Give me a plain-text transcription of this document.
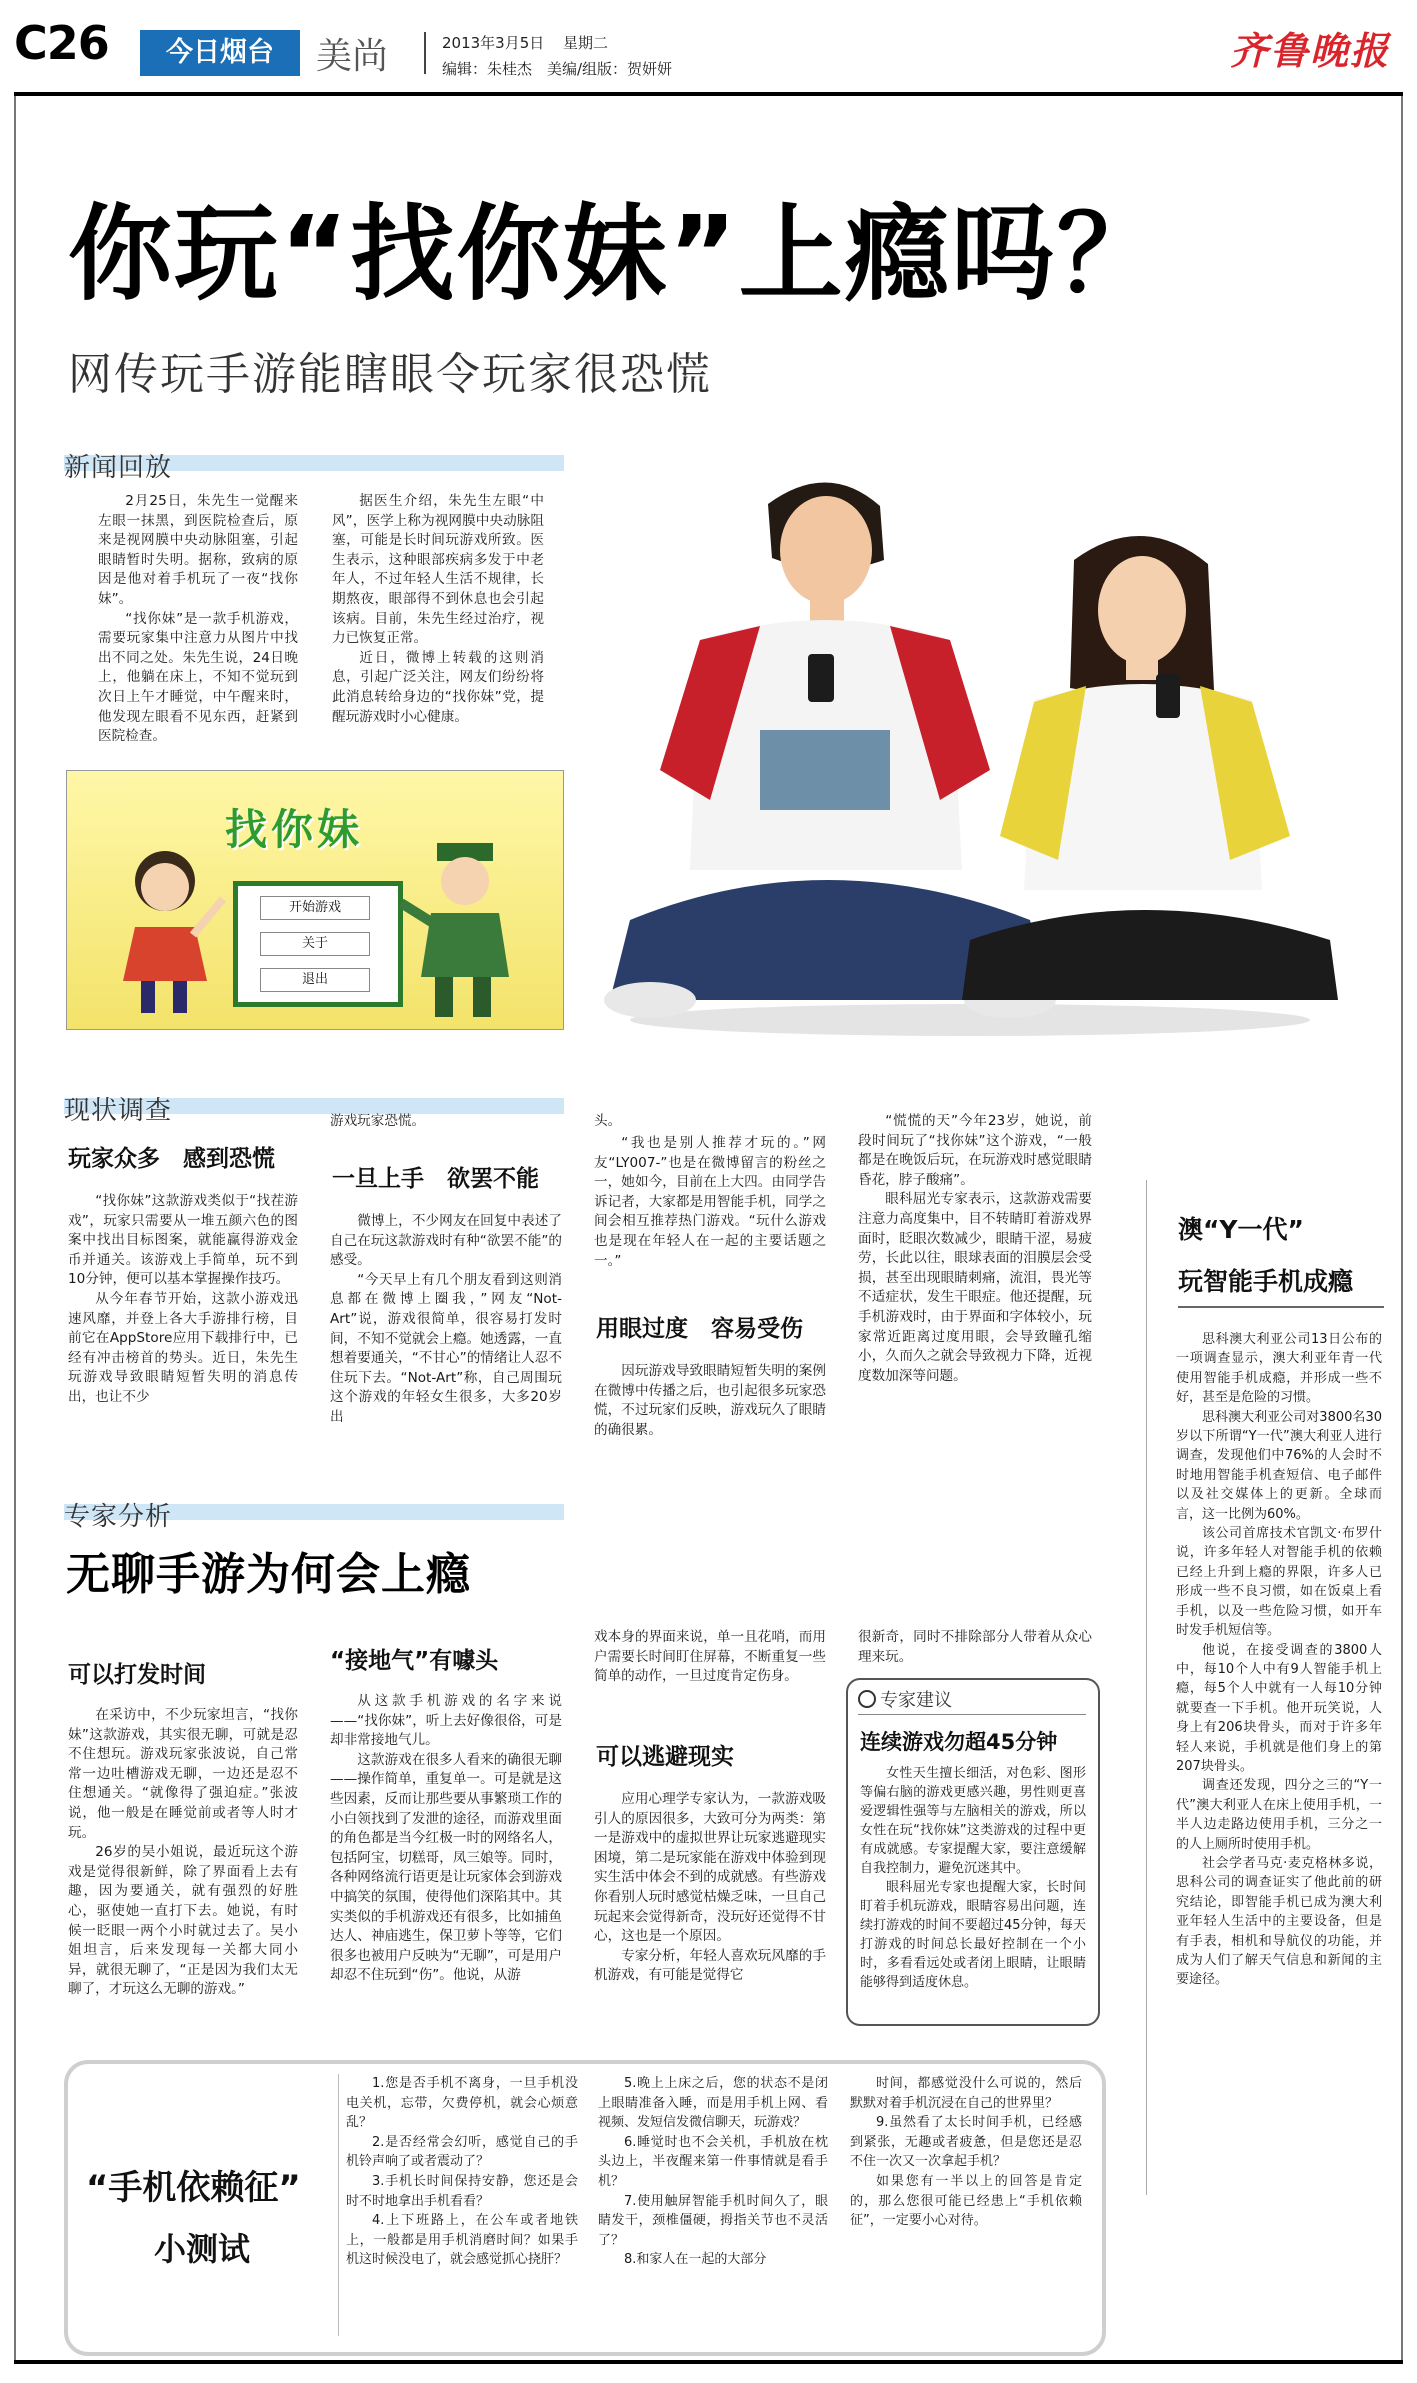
C26	今日烟台	美尚	2013年3月5日 星期二
编辑：朱桂杰　美编/组版：贺妍妍	齐鲁晚报
你玩“找你妹”上瘾吗？
网传玩手游能瞎眼令玩家很恐慌
新闻回放

2月25日，朱先生一觉醒来左眼一抹黑，到医院检查后，原来是视网膜中央动脉阻塞，引起眼睛暂时失明。据称，致病的原因是他对着手机玩了一夜“找你妹”。

“找你妹”是一款手机游戏，需要玩家集中注意力从图片中找出不同之处。朱先生说，24日晚上，他躺在床上，不知不觉玩到次日上午才睡觉，中午醒来时，他发现左眼看不见东西，赶紧到医院检查。

据医生介绍，朱先生左眼“中风”，医学上称为视网膜中央动脉阻塞，可能是长时间玩游戏所致。医生表示，这种眼部疾病多发于中老年人，不过年轻人生活不规律，长期熬夜，眼部得不到休息也会引起该病。目前，朱先生经过治疗，视力已恢复正常。

近日，微博上转载的这则消息，引起广泛关注，网友们纷纷将此消息转给身边的“找你妹”党，提醒玩游戏时小心健康。

找你妹
开始游戏
关于
退出
现状调查
玩家众多　感到恐慌

“找你妹”这款游戏类似于“找茬游戏”，玩家只需要从一堆五颜六色的图案中找出目标图案，就能赢得游戏金币并通关。该游戏上手简单，玩不到10分钟，便可以基本掌握操作技巧。

从今年春节开始，这款小游戏迅速风靡，并登上各大手游排行榜，目前它在AppStore应用下载排行中，已经有冲击榜首的势头。近日，朱先生玩游戏导致眼睛短暂失明的消息传出，也让不少

游戏玩家恐慌。

一旦上手　欲罢不能

微博上，不少网友在回复中表述了自己在玩这款游戏时有种“欲罢不能”的感受。

“今天早上有几个朋友看到这则消息都在微博上圈我，”网友“Not-Art”说，游戏很简单，很容易打发时间，不知不觉就会上瘾。她透露，一直想着要通关，“不甘心”的情绪让人忍不住玩下去。“Not-Art”称，自己周围玩这个游戏的年轻女生很多，大多20岁出

头。

“我也是别人推荐才玩的。”网友“LY007-”也是在微博留言的粉丝之一，她如今，目前在上大四。由同学告诉记者，大家都是用智能手机，同学之间会相互推荐热门游戏。“玩什么游戏也是现在年轻人在一起的主要话题之一。”

用眼过度　容易受伤

因玩游戏导致眼睛短暂失明的案例在微博中传播之后，也引起很多玩家恐慌，不过玩家们反映，游戏玩久了眼睛的确很累。

“慌慌的天”今年23岁，她说，前段时间玩了“找你妹”这个游戏，“一般都是在晚饭后玩，在玩游戏时感觉眼睛昏花，脖子酸痛”。

眼科屈光专家表示，这款游戏需要注意力高度集中，目不转睛盯着游戏界面时，眨眼次数减少，眼睛干涩，易疲劳，长此以往，眼球表面的泪膜层会受损，甚至出现眼睛刺痛，流泪，畏光等不适症状，发生干眼症。他还提醒，玩手机游戏时，由于界面和字体较小，玩家常近距离过度用眼，会导致瞳孔缩小，久而久之就会导致视力下降，近视度数加深等问题。

澳“Y一代”
玩智能手机成瘾

思科澳大利亚公司13日公布的一项调查显示，澳大利亚年青一代使用智能手机成瘾，并形成一些不好，甚至是危险的习惯。

思科澳大利亚公司对3800名30岁以下所谓“Y一代”澳大利亚人进行调查，发现他们中76%的人会时不时地用智能手机查短信、电子邮件以及社交媒体上的更新。全球而言，这一比例为60%。

该公司首席技术官凯文·布罗什说，许多年轻人对智能手机的依赖已经上升到上瘾的界限，许多人已形成一些不良习惯，如在饭桌上看手机，以及一些危险习惯，如开车时发手机短信等。

他说，在接受调查的3800人中，每10个人中有9人智能手机上瘾，每5个人中就有一人每10分钟就要查一下手机。他开玩笑说，人身上有206块骨头，而对于许多年轻人来说，手机就是他们身上的第207块骨头。

调查还发现，四分之三的“Y一代”澳大利亚人在床上使用手机，一半人边走路边使用手机，三分之一的人上厕所时使用手机。

社会学者马克·麦克格林多说，思科公司的调查证实了他此前的研究结论，即智能手机已成为澳大利亚年轻人生活中的主要设备，但是有手表，相机和导航仪的功能，并成为人们了解天气信息和新闻的主要途径。

专家分析
无聊手游为何会上瘾
可以打发时间

在采访中，不少玩家坦言，“找你妹”这款游戏，其实很无聊，可就是忍不住想玩。游戏玩家张波说，自己常常一边吐槽游戏无聊，一边还是忍不住想通关。“就像得了强迫症。”张波说，他一般是在睡觉前或者等人时才玩。

26岁的吴小姐说，最近玩这个游戏是觉得很新鲜，除了界面看上去有趣，因为要通关，就有强烈的好胜心，驱使她一直打下去。她说，有时候一眨眼一两个小时就过去了。吴小姐坦言，后来发现每一关都大同小异，就很无聊了，“正是因为我们太无聊了，才玩这么无聊的游戏。”

“接地气”有噱头

从这款手机游戏的名字来说——“找你妹”，听上去好像很俗，可是却非常接地气儿。

这款游戏在很多人看来的确很无聊——操作简单，重复单一。可是就是这些因素，反而让那些要从事繁琐工作的小白领找到了发泄的途径，而游戏里面的角色都是当今红极一时的网络名人，包括阿宝，切糕哥，凤三娘等。同时，各种网络流行语更是让玩家体会到游戏中搞笑的氛围，使得他们深陷其中。其实类似的手机游戏还有很多，比如捕鱼达人、神庙逃生，保卫萝卜等等，它们很多也被用户反映为“无聊”，可是用户却忍不住玩到“伤”。他说，从游

戏本身的界面来说，单一且花哨，而用户需要长时间盯住屏幕，不断重复一些简单的动作，一旦过度肯定伤身。

可以逃避现实

应用心理学专家认为，一款游戏吸引人的原因很多，大致可分为两类：第一是游戏中的虚拟世界让玩家逃避现实困境，第二是玩家能在游戏中体验到现实生活中体会不到的成就感。有些游戏你看别人玩时感觉枯燥乏味，一旦自己玩起来会觉得新奇，没玩好还觉得不甘心，这也是一个原因。

专家分析，年轻人喜欢玩风靡的手机游戏，有可能是觉得它

很新奇，同时不排除部分人带着从众心理来玩。

专家建议
连续游戏勿超45分钟

女性天生擅长细活，对色彩、图形等偏右脑的游戏更感兴趣，男性则更喜爱逻辑性强等与左脑相关的游戏，所以女性在玩“找你妹”这类游戏的过程中更有成就感。专家提醒大家，要注意缓解自我控制力，避免沉迷其中。

眼科屈光专家也提醒大家，长时间盯着手机玩游戏，眼睛容易出问题，连续打游戏的时间不要超过45分钟，每天打游戏的时间总长最好控制在一个小时，多看看远处或者闭上眼睛，让眼睛能够得到适度休息。

“手机依赖征”
小测试

1.您是否手机不离身，一旦手机没电关机，忘带，欠费停机，就会心烦意乱？

2.是否经常会幻听，感觉自己的手机铃声响了或者震动了？

3.手机长时间保持安静，您还是会时不时地拿出手机看看？

4.上下班路上，在公车或者地铁上，一般都是用手机消磨时间？如果手机这时候没电了，就会感觉抓心挠肝？

5.晚上上床之后，您的状态不是闭上眼睛准备入睡，而是用手机上网、看视频、发短信发微信聊天，玩游戏？

6.睡觉时也不会关机，手机放在枕头边上，半夜醒来第一件事情就是看手机？

7.使用触屏智能手机时间久了，眼睛发干，颈椎僵硬，拇指关节也不灵活了？

8.和家人在一起的大部分

时间，都感觉没什么可说的，然后默默对着手机沉浸在自己的世界里？

9.虽然看了太长时间手机，已经感到紧张，无趣或者疲惫，但是您还是忍不住一次又一次拿起手机？

如果您有一半以上的回答是肯定的，那么您很可能已经患上“手机依赖征”，一定要小心对待。
